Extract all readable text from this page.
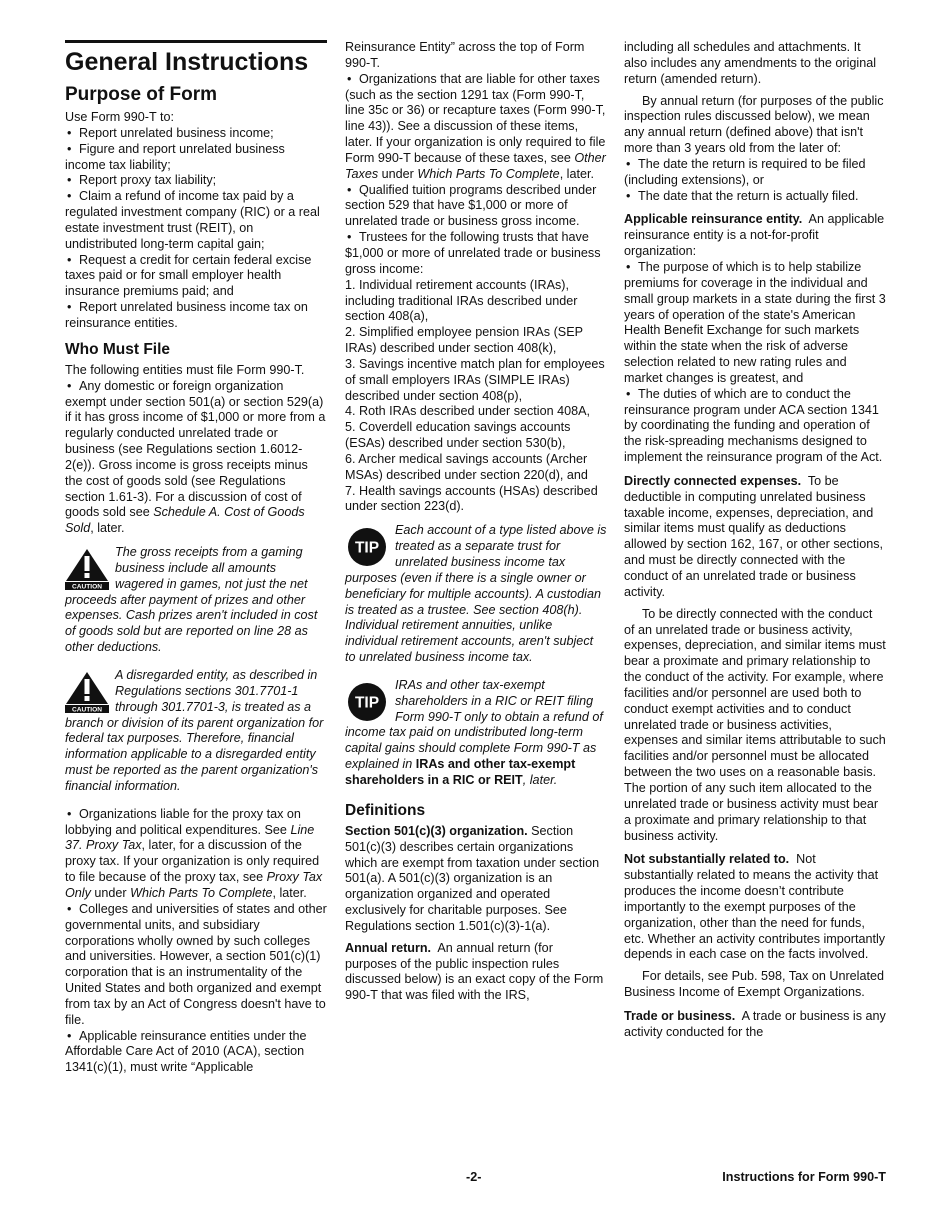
General Instructions
Purpose of Form

Use Form 990-T to:

• Report unrelated business income;

• Figure and report unrelated business income tax liability;

• Report proxy tax liability;

• Claim a refund of income tax paid by a regulated investment company (RIC) or a real estate investment trust (REIT), on undistributed long-term capital gain;

• Request a credit for certain federal excise taxes paid or for small employer health insurance premiums paid; and

• Report unrelated business income tax on reinsurance entities.

Who Must File

The following entities must file Form 990-T.

• Any domestic or foreign organization exempt under section 501(a) or section 529(a) if it has gross income of $1,000 or more from a regularly conducted unrelated trade or business (see Regulations section 1.6012-2(e)). Gross income is gross receipts minus the cost of goods sold (see Regulations section 1.61-3). For a discussion of cost of goods sold see Schedule A. Cost of Goods Sold, later.

CAUTION
The gross receipts from a gaming business include all amounts wagered in games, not just the net proceeds after payment of prizes and other expenses. Cash prizes aren't included in cost of goods sold but are reported on line 28 as other deductions.
CAUTION
A disregarded entity, as described in Regulations sections 301.7701-1 through 301.7701-3, is treated as a branch or division of its parent organization for federal tax purposes. Therefore, financial information applicable to a disregarded entity must be reported as the parent organization's financial information.

• Organizations liable for the proxy tax on lobbying and political expenditures. See Line 37. Proxy Tax, later, for a discussion of the proxy tax. If your organization is only required to file because of the proxy tax, see Proxy Tax Only under Which Parts To Complete, later.

• Colleges and universities of states and other governmental units, and subsidiary corporations wholly owned by such colleges and universities. However, a section 501(c)(1) corporation that is an instrumentality of the United States and both organized and exempt from tax by an Act of Congress doesn't have to file.

• Applicable reinsurance entities under the Affordable Care Act of 2010 (ACA), section 1341(c)(1), must write “Applicable

Reinsurance Entity” across the top of Form 990-T.

• Organizations that are liable for other taxes (such as the section 1291 tax (Form 990-T, line 35c or 36) or recapture taxes (Form 990-T, line 43)). See a discussion of these items, later. If your organization is only required to file Form 990-T because of these taxes, see Other Taxes under Which Parts To Complete, later.

• Qualified tuition programs described under section 529 that have $1,000 or more of unrelated trade or business gross income.

• Trustees for the following trusts that have $1,000 or more of unrelated trade or business gross income:

1. Individual retirement accounts (IRAs), including traditional IRAs described under section 408(a),

2. Simplified employee pension IRAs (SEP IRAs) described under section 408(k),

3. Savings incentive match plan for employees of small employers IRAs (SIMPLE IRAs) described under section 408(p),

4. Roth IRAs described under section 408A,

5. Coverdell education savings accounts (ESAs) described under section 530(b),

6. Archer medical savings accounts (Archer MSAs) described under section 220(d), and

7. Health savings accounts (HSAs) described under section 223(d).

TIP
Each account of a type listed above is treated as a separate trust for unrelated business income tax purposes (even if there is a single owner or beneficiary for multiple accounts). A custodian is treated as a trustee. See section 408(h). Individual retirement annuities, unlike individual retirement accounts, aren't subject to unrelated business income tax.
TIP
IRAs and other tax-exempt shareholders in a RIC or REIT filing Form 990-T only to obtain a refund of income tax paid on undistributed long-term capital gains should complete Form 990-T as explained in IRAs and other tax-exempt shareholders in a RIC or REIT, later.
Definitions

Section 501(c)(3) organization. Section 501(c)(3) describes certain organizations which are exempt from taxation under section 501(a). A 501(c)(3) organization is an organization organized and operated exclusively for charitable purposes. See Regulations section 1.501(c)(3)-1(a).

Annual return. An annual return (for purposes of the public inspection rules discussed below) is an exact copy of the Form 990-T that was filed with the IRS,

including all schedules and attachments. It also includes any amendments to the original return (amended return).

By annual return (for purposes of the public inspection rules discussed below), we mean any annual return (defined above) that isn't more than 3 years old from the later of:

• The date the return is required to be filed (including extensions), or

• The date that the return is actually filed.

Applicable reinsurance entity. An applicable reinsurance entity is a not-for-profit organization:

• The purpose of which is to help stabilize premiums for coverage in the individual and small group markets in a state during the first 3 years of operation of the state's American Health Benefit Exchange for such markets within the state when the risk of adverse selection related to new rating rules and market changes is greatest, and

• The duties of which are to conduct the reinsurance program under ACA section 1341 by coordinating the funding and operation of the risk-spreading mechanisms designed to implement the reinsurance program of the Act.

Directly connected expenses. To be deductible in computing unrelated business taxable income, expenses, depreciation, and similar items must qualify as deductions allowed by section 162, 167, or other sections, and must be directly connected with the conduct of an unrelated trade or business activity.

To be directly connected with the conduct of an unrelated trade or business activity, expenses, depreciation, and similar items must bear a proximate and primary relationship to the conduct of the activity. For example, where facilities and/or personnel are used both to conduct exempt activities and to conduct unrelated trade or business activities, expenses and similar items attributable to such facilities and/or personnel must be allocated between the two uses on a reasonable basis. The portion of any such item allocated to the unrelated trade or business activity must bear a proximate and primary relationship to that business activity.

Not substantially related to. Not substantially related to means the activity that produces the income doesn’t contribute importantly to the exempt purposes of the organization, other than the need for funds, etc. Whether an activity contributes importantly depends in each case on the facts involved.

For details, see Pub. 598, Tax on Unrelated Business Income of Exempt Organizations.

Trade or business. A trade or business is any activity conducted for the

-2-	Instructions for Form 990-T
